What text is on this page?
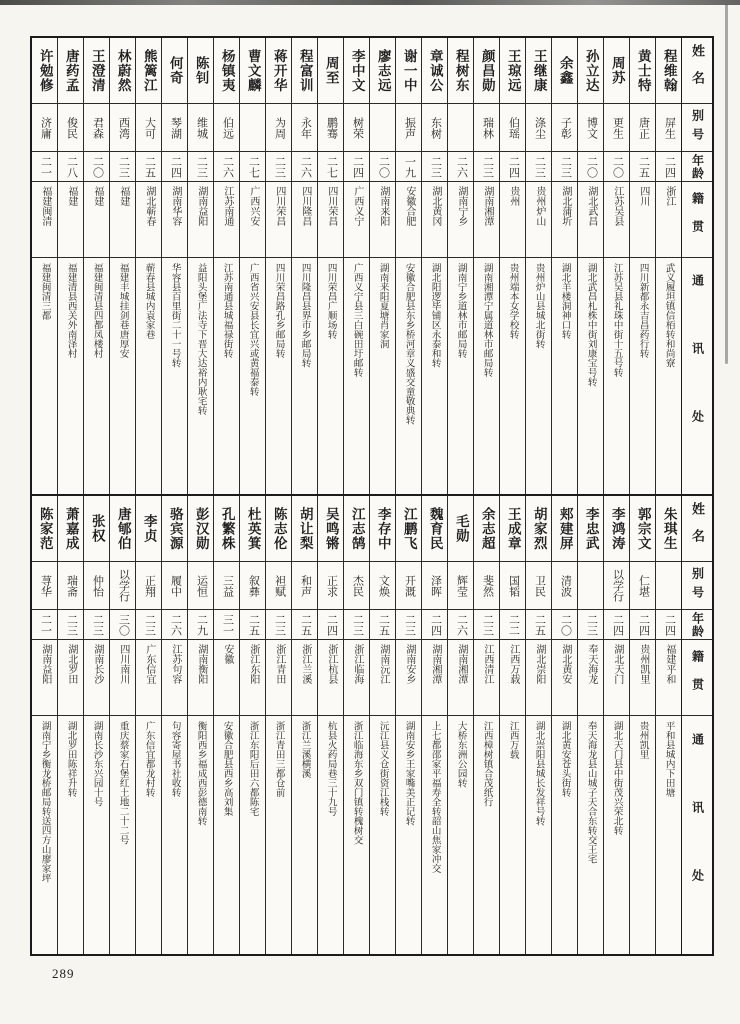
许勉修
济庸
二一
福建闽清
福建闽清三都
唐药孟
俊民
二八
福建
福建清县西关外南泽村
王澄清
君森
二〇
福建
福建闽清县四都凤楼村
林蔚然
西湾
二三
福建
福建丰城挂剑巷唐厚安
熊篱江
大可
二五
湖北蕲春
蕲春县城内袁家巷
何奇
琴湖
二四
湖南华容
华容县百里街二十一号转
陈钊
维城
二三
湖南益阳
益阳头堡广法寺下晋大达裕内耿宅转
杨镇夷
伯远
二六
江苏南通
江苏南通县城福禄街转
曹文麟
二七
广西兴安
广西省兴安县长宜兴或黄福泰转
蒋开华
为周
二三
四川荣昌
四川荣昌路孔乡邮局转
程富训
永年
二六
四川隆昌
四川隆昌县界市乡邮局转
周至
鹏骞
二七
四川荣昌
四川荣昌广顺场转
李中文
树荣
二四
广西义宁
广西义宁县三白碗田圩邮转
廖志远
二〇
湖南来阳
湖南来阳夏塘肖家洞
谢一中
振声
一九
安徽合肥
安徽合肥县东乡桥河章义盛交童敬典转
章诚公
东树
二三
湖北黄冈
湖北阳逻毕铺区永泰和转
程树东
二六
湖南宁乡
湖南宁乡道林市邮局转
颜昌勋
瑞林
二三
湖南湘潭
湖南湘潭宁属道林市邮局转
王琼远
伯瑶
二四
贵州
贵州端本女学校转
王继康
涤尘
二三
贵州炉山
贵州炉山县城北街转
余鑫
子彰
二三
湖北蒲圻
湖北羊楼洞神口转
孙立达
博文
二〇
湖北武昌
湖北武昌札株中街刘康宝号转
周苏
更生
二〇
江苏吴县
江苏吴县礼珠中街十五号转
黄士特
唐正
二五
四川
四川新都永吉昌药行转
程维翰
屏生
二四
浙江
武义履坦镇信栢转和尚寮
姓名
别号
年龄
籍贯
通讯处
陈家范
荨华
二一
湖南益阳
湖南宁乡衡龙桥邮局转送四方山廖家坪
萧嘉成
瑞斋
二三
湖北罗田
湖北罗田陈祥升转
张权
仲怡
二三
湖南长沙
湖南长沙东兴园十号
唐郇伯
以学行
三〇
四川南川
重庆蔡家石堡红土地二十二号
李贞
正翔
二三
广东信宜
广东信宜都龙村转
骆宾源
履中
二六
江苏句容
句容寄屋书社收转
彭汉勋
运恒
二九
湖南衡阳
衡阳西乡福成西彭德南转
孔繁株
三益
三一
安徽
安徽合肥县西乡高刘集
杜英箕
叙彝
二五
浙江东阳
浙江东阳后田六都陈宅
陈志伦
袒赋
二三
浙江青田
浙江青田三都仓前
胡让梨
和声
二五
浙江兰溪
浙江兰溪横溪
吴鸣锵
正求
二四
浙江杭县
杭县火药局巷三十九号
江志鹄
杰民
二三
浙江临海
浙江临海东乡双门镇转槐树交
李存中
文焕
二五
湖南沅江
沅江县义仓街资江栈转
江鹏飞
开溉
二三
湖南安乡
湖南安乡王家嘴美正记转
魏育民
泽晖
二四
湖南湘潭
上七都邵家平福寿全转韶山焦家冲交
毛勋
辉莹
二六
湖南湘潭
大桥东洲公园转
余志超
斐然
二三
江西清江
江西樟树镇合茂纸行
王成章
国韬
二二
江西万载
江西万载
胡家烈
卫民
二五
湖北崇阳
湖北崇阳县城长发祥号转
郏建屏
清波
二〇
湖北黄安
湖北黄安苍头街转
李忠武
二三
奉天海龙
奉天海龙县山城子天合东转交王宅
李鸿涛
以学行
二四
湖北天门
湖北天门县中街茂兴荣北转
郭宗文
仁堪
二四
贵州凯里
贵州凯里
朱琪生
二四
福建平和
平和县城内下田塘
姓名
别号
年龄
籍贯
通讯处
289
